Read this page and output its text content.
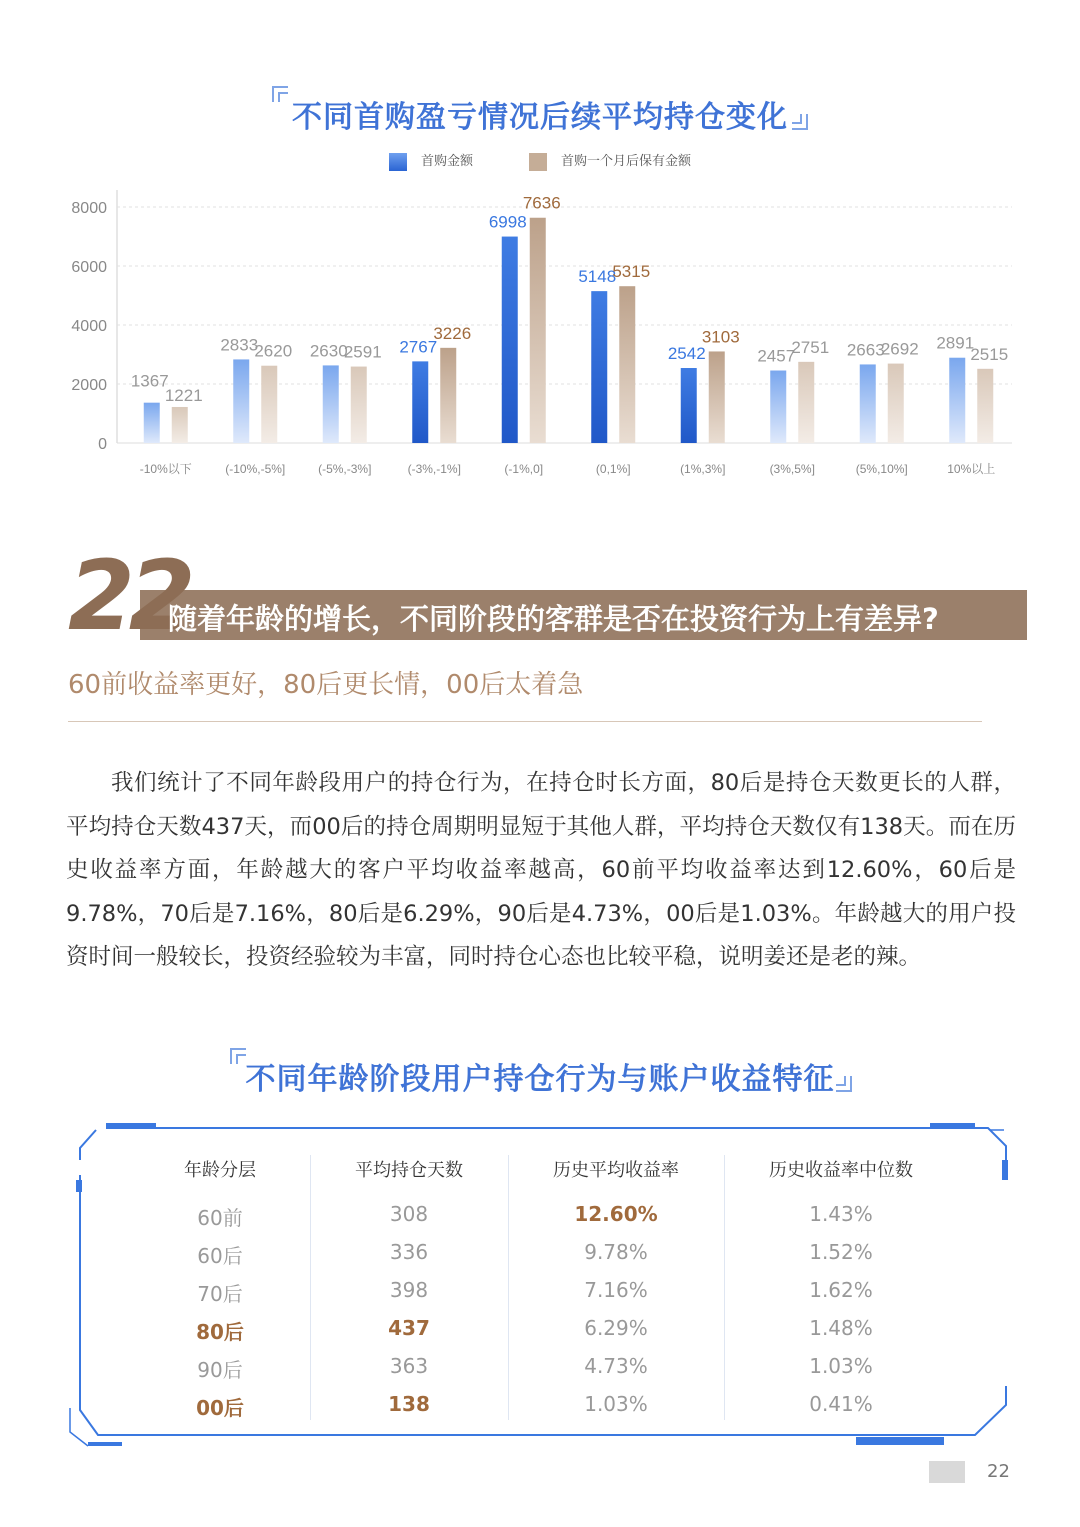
不同首购盈亏情况后续平均持仓变化
首购金额	首购一个月后保有金额
0
2000
4000
6000
8000
1367
1221
-10%以下
2833
2620
(-10%,-5%]
2630
2591
(-5%,-3%]
2767
3226
(-3%,-1%]
6998
7636
(-1%,0]
5148
5315
(0,1%]
2542
3103
(1%,3%]
2457
2751
(3%,5%]
2663
2692
(5%,10%]
2891
2515
10%以上
22
随着年龄的增长，不同阶段的客群是否在投资行为上有差异?
60前收益率更好，80后更长情，00后太着急
我们统计了不同年龄段用户的持仓行为，在持仓时长方面，80后是持仓天数更长的人群，平均持仓天数437天，而00后的持仓周期明显短于其他人群，平均持仓天数仅有138天。而在历史收益率方面，年龄越大的客户平均收益率越高，60前平均收益率达到12.60%，60后是9.78%，70后是7.16%，80后是6.29%，90后是4.73%，00后是1.03%。年龄越大的用户投资时间一般较长，投资经验较为丰富，同时持仓心态也比较平稳，说明姜还是老的辣。
不同年龄阶段用户持仓行为与账户收益特征
年龄分层	平均持仓天数	历史平均收益率	历史收益率中位数
60前	308	12.60%	1.43%
60后	336	9.78%	1.52%
70后	398	7.16%	1.62%
80后	437	6.29%	1.48%
90后	363	4.73%	1.03%
00后	138	1.03%	0.41%
22
